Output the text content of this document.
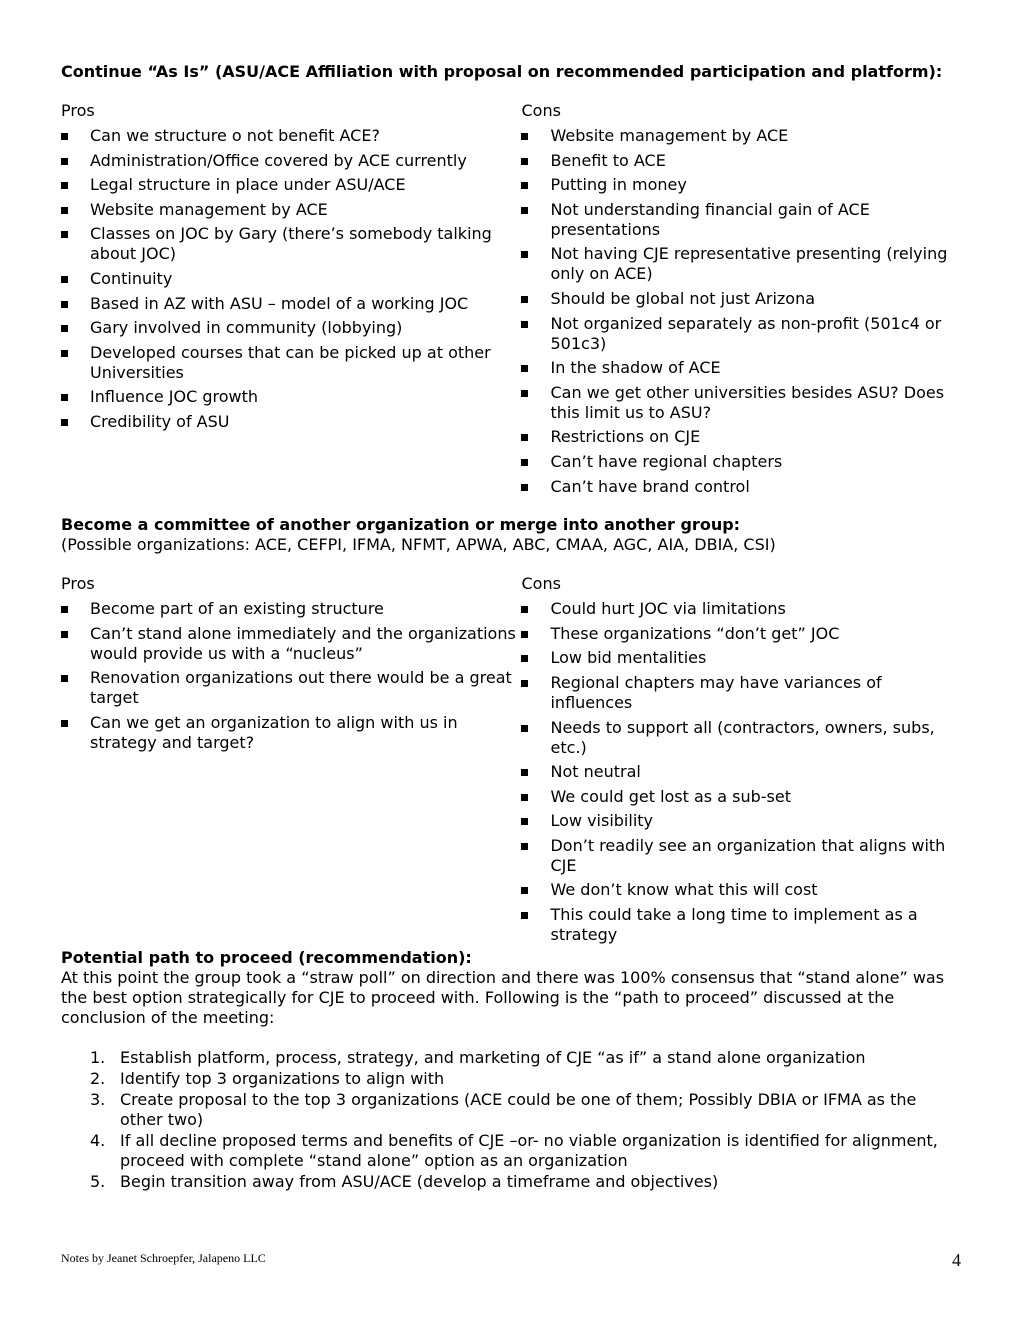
Continue “As Is” (ASU/ACE Affiliation with proposal on recommended participation and platform):

Pros
Can we structure o not benefit ACE?
Administration/Office covered by ACE currently
Legal structure in place under ASU/ACE
Website management by ACE
Classes on JOC by Gary (there’s somebody talking about JOC)
Continuity
Based in AZ with ASU – model of a working JOC
Gary involved in community (lobbying)
Developed courses that can be picked up at other Universities
Influence JOC growth
Credibility of ASU
Cons
Website management by ACE
Benefit to ACE
Putting in money
Not understanding financial gain of ACE presentations
Not having CJE representative presenting (relying only on ACE)
Should be global not just Arizona
Not organized separately as non-profit (501c4 or 501c3)
In the shadow of ACE
Can we get other universities besides ASU? Does this limit us to ASU?
Restrictions on CJE
Can’t have regional chapters
Can’t have brand control

Become a committee of another organization or merge into another group:

(Possible organizations: ACE, CEFPI, IFMA, NFMT, APWA, ABC, CMAA, AGC, AIA, DBIA, CSI)

Pros
Become part of an existing structure
Can’t stand alone immediately and the organizations would provide us with a “nucleus”
Renovation organizations out there would be a great target
Can we get an organization to align with us in strategy and target?
Cons
Could hurt JOC via limitations
These organizations “don’t get” JOC
Low bid mentalities
Regional chapters may have variances of influences
Needs to support all (contractors, owners, subs, etc.)
Not neutral
We could get lost as a sub-set
Low visibility
Don’t readily see an organization that aligns with CJE
We don’t know what this will cost
This could take a long time to implement as a strategy

Potential path to proceed (recommendation):

At this point the group took a “straw poll” on direction and there was 100% consensus that “stand alone” was the best option strategically for CJE to proceed with. Following is the “path to proceed” discussed at the conclusion of the meeting:

1. Establish platform, process, strategy, and marketing of CJE “as if” a stand alone organization
2. Identify top 3 organizations to align with
3. Create proposal to the top 3 organizations (ACE could be one of them; Possibly DBIA or IFMA as the other two)
4. If all decline proposed terms and benefits of CJE –or- no viable organization is identified for alignment, proceed with complete “stand alone” option as an organization
5. Begin transition away from ASU/ACE (develop a timeframe and objectives)
Notes by Jeanet Schroepfer, Jalapeno LLC	4
